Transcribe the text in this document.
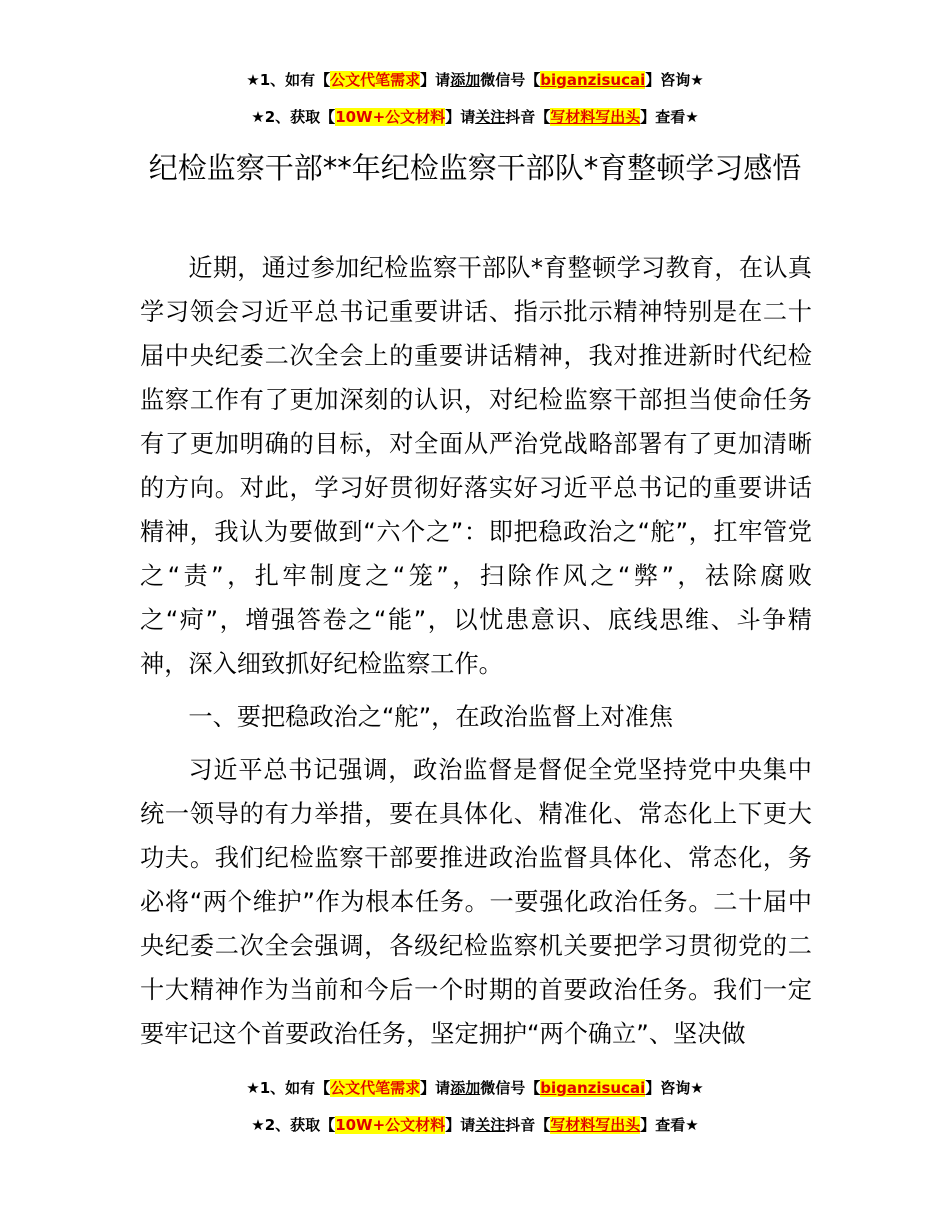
★1、如有【公文代笔需求】请添加微信号【biganzisucai】咨询★
★2、获取【10W+公文材料】请关注抖音【写材料写出头】查看★
纪检监察干部**年纪检监察干部队*育整顿学习感悟

近期，通过参加纪检监察干部队*育整顿学习教育，在认真学习领会习近平总书记重要讲话、指示批示精神特别是在二十届中央纪委二次全会上的重要讲话精神，我对推进新时代纪检监察工作有了更加深刻的认识，对纪检监察干部担当使命任务有了更加明确的目标，对全面从严治党战略部署有了更加清晰的方向。对此，学习好贯彻好落实好习近平总书记的重要讲话精神，我认为要做到“六个之”：即把稳政治之“舵”，扛牢管党之“责”，扎牢制度之“笼”，扫除作风之“弊”，祛除腐败之“疴”，增强答卷之“能”，以忧患意识、底线思维、斗争精神，深入细致抓好纪检监察工作。

一、要把稳政治之“舵”，在政治监督上对准焦

习近平总书记强调，政治监督是督促全党坚持党中央集中统一领导的有力举措，要在具体化、精准化、常态化上下更大功夫。我们纪检监察干部要推进政治监督具体化、常态化，务必将“两个维护”作为根本任务。一要强化政治任务。二十届中央纪委二次全会强调，各级纪检监察机关要把学习贯彻党的二十大精神作为当前和今后一个时期的首要政治任务。我们一定要牢记这个首要政治任务，坚定拥护“两个确立”、坚决做

★1、如有【公文代笔需求】请添加微信号【biganzisucai】咨询★
★2、获取【10W+公文材料】请关注抖音【写材料写出头】查看★
